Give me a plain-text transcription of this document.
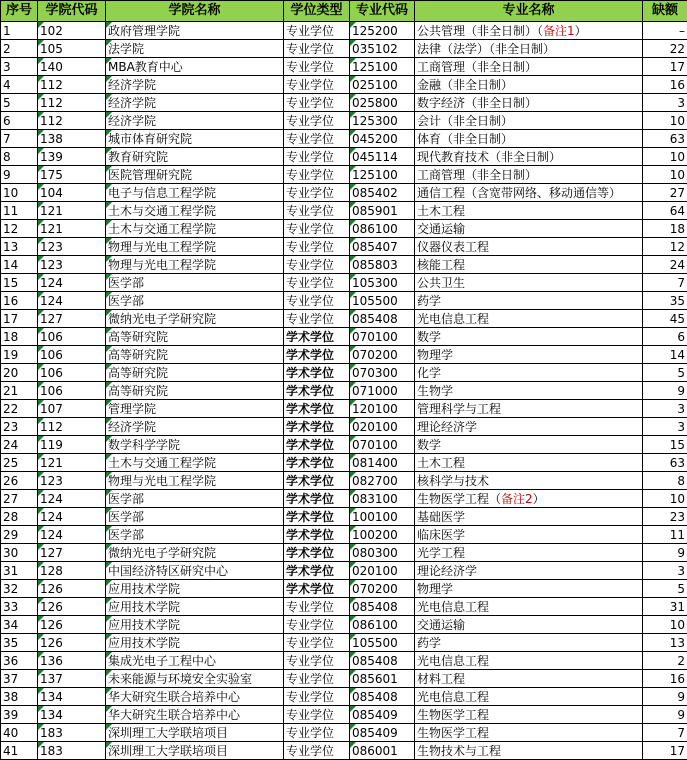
序号	学院代码	学院名称	学位类型	专业代码	专业名称	缺额
1	102	政府管理学院	专业学位	125200	公共管理（非全日制）（备注1）	–
2	105	法学院	专业学位	035102	法律（法学）（非全日制）	22
3	140	MBA教育中心	专业学位	125100	工商管理（非全日制）	17
4	112	经济学院	专业学位	025100	金融（非全日制）	16
5	112	经济学院	专业学位	025800	数字经济（非全日制）	3
6	112	经济学院	专业学位	125300	会计（非全日制）	10
7	138	城市体育研究院	专业学位	045200	体育（非全日制）	63
8	139	教育研究院	专业学位	045114	现代教育技术（非全日制）	10
9	175	医院管理研究院	专业学位	125100	工商管理（非全日制）	10
10	104	电子与信息工程学院	专业学位	085402	通信工程（含宽带网络、移动通信等）	27
11	121	土木与交通工程学院	专业学位	085901	土木工程	64
12	121	土木与交通工程学院	专业学位	086100	交通运输	18
13	123	物理与光电工程学院	专业学位	085407	仪器仪表工程	12
14	123	物理与光电工程学院	专业学位	085803	核能工程	24
15	124	医学部	专业学位	105300	公共卫生	7
16	124	医学部	专业学位	105500	药学	35
17	127	微纳光电子学研究院	专业学位	085408	光电信息工程	45
18	106	高等研究院	学术学位	070100	数学	6
19	106	高等研究院	学术学位	070200	物理学	14
20	106	高等研究院	学术学位	070300	化学	5
21	106	高等研究院	学术学位	071000	生物学	9
22	107	管理学院	学术学位	120100	管理科学与工程	3
23	112	经济学院	学术学位	020100	理论经济学	3
24	119	数学科学学院	学术学位	070100	数学	15
25	121	土木与交通工程学院	学术学位	081400	土木工程	63
26	123	物理与光电工程学院	学术学位	082700	核科学与技术	8
27	124	医学部	学术学位	083100	生物医学工程（备注2）	10
28	124	医学部	学术学位	100100	基础医学	23
29	124	医学部	学术学位	100200	临床医学	11
30	127	微纳光电子学研究院	学术学位	080300	光学工程	9
31	128	中国经济特区研究中心	学术学位	020100	理论经济学	3
32	126	应用技术学院	学术学位	070200	物理学	5
33	126	应用技术学院	专业学位	085408	光电信息工程	31
34	126	应用技术学院	专业学位	086100	交通运输	10
35	126	应用技术学院	专业学位	105500	药学	13
36	136	集成光电子工程中心	专业学位	085408	光电信息工程	2
37	137	未来能源与环境安全实验室	专业学位	085601	材料工程	16
38	134	华大研究生联合培养中心	专业学位	085408	光电信息工程	9
39	134	华大研究生联合培养中心	专业学位	085409	生物医学工程	9
40	183	深圳理工大学联培项目	专业学位	085409	生物医学工程	7
41	183	深圳理工大学联培项目	专业学位	086001	生物技术与工程	17
